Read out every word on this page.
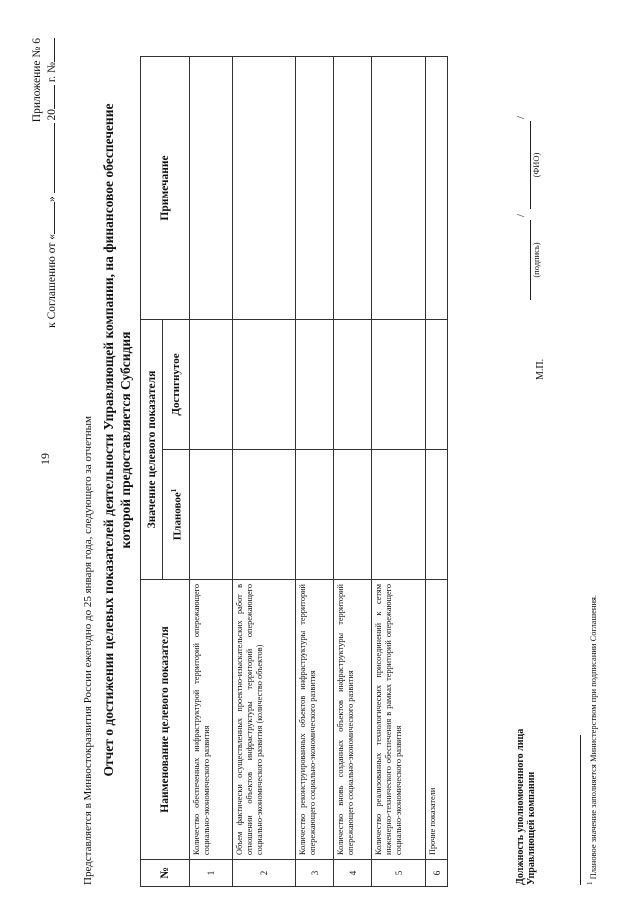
19
Приложение № 6
к Соглашению от «»  20 г. №
Представляется в Минвостокразвития России ежегодно до 25 января года, следующего за отчетным Отчет о достижении целевых показателей деятельности Управляющей компании, на финансовое обеспечение которой предоставляется Субсидия
№	Наименование целевого показателя	Значение целевого показателя		Примечание
		Плановое$^1$	Достигнутое	
1	Количество обеспеченных инфраструктурой территорий опережающего социально-экономического развития			
2	Объем фактически осуществленных проектно-изыскательских работ в отношении объектов инфраструктуры территорий опережающего социально-экономического развития (количество объектов)			
3	Количество реконструированных объектов инфраструктуры территорий опережающего социально-экономического развития			
4	Количество вновь созданных объектов инфраструктуры территорий опережающего социально-экономического развития			
5	Количество реализованных технологических присоединений к сетям инженерно-технического обеспечения в рамках территорий опережающего социально-экономического развития			
6	Прочие показатели				Должность уполномоченного лица Управляющей компании
М.П.
(подпись)
/
(ФИО)
/
$^1$ Плановое значение заполняется Министерством при подписании Соглашения.
